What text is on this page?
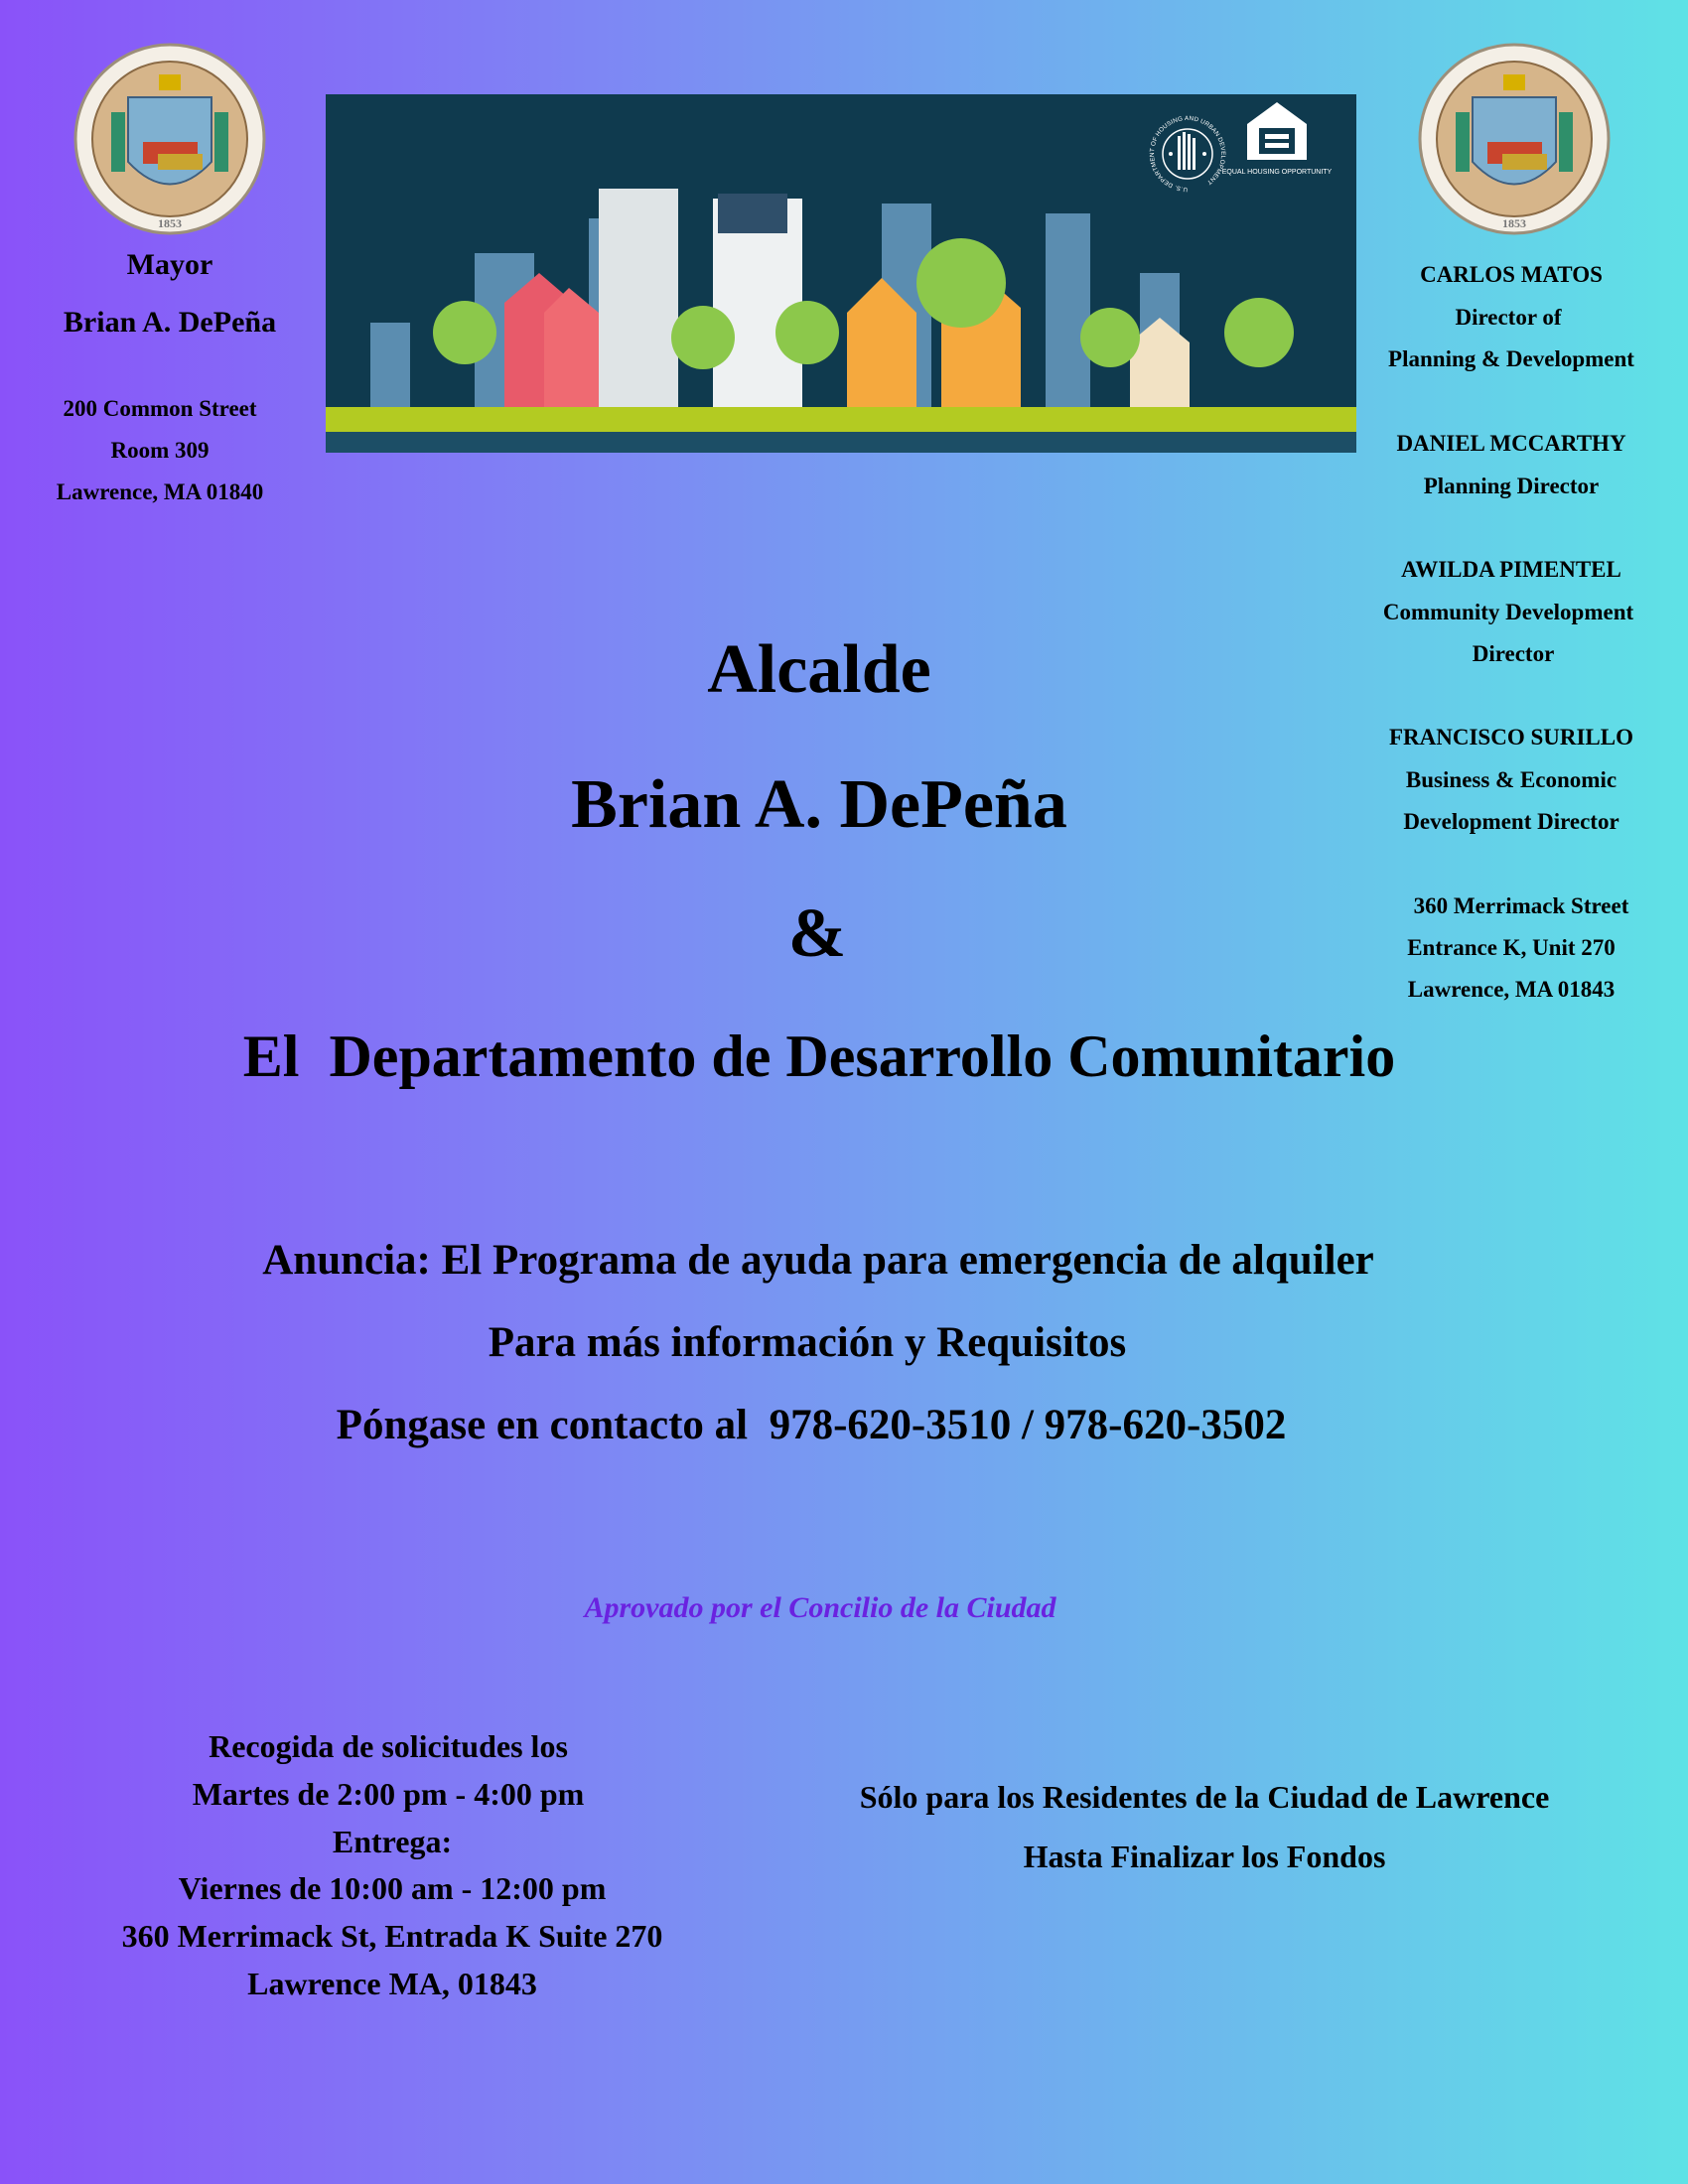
1853	1853
U.S. DEPARTMENT OF HOUSING AND URBAN DEVELOPMENT
EQUAL HOUSING OPPORTUNITY
Mayor
Brian A. DePeña
200 Common Street
Room 309
Lawrence, MA 01840
CARLOS MATOS
Director of
Planning & Development
DANIEL MCCARTHY
Planning Director
AWILDA PIMENTEL
Community Development
Director
FRANCISCO SURILLO
Business & Economic
Development Director
360 Merrimack Street
Entrance K, Unit 270
Lawrence, MA 01843
Alcalde
Brian A. DePeña
&
El  Departamento de Desarrollo Comunitario
Anuncia: El Programa de ayuda para emergencia de alquiler
Para más información y Requisitos
Póngase en contacto al  978-620-3510 / 978-620-3502
Aprovado por el Concilio de la Ciudad
Recogida de solicitudes los
Martes de 2:00 pm - 4:00 pm
Entrega:
Viernes de 10:00 am - 12:00 pm
360 Merrimack St, Entrada K Suite 270
Lawrence MA, 01843
Sólo para los Residentes de la Ciudad de Lawrence
Hasta Finalizar los Fondos
